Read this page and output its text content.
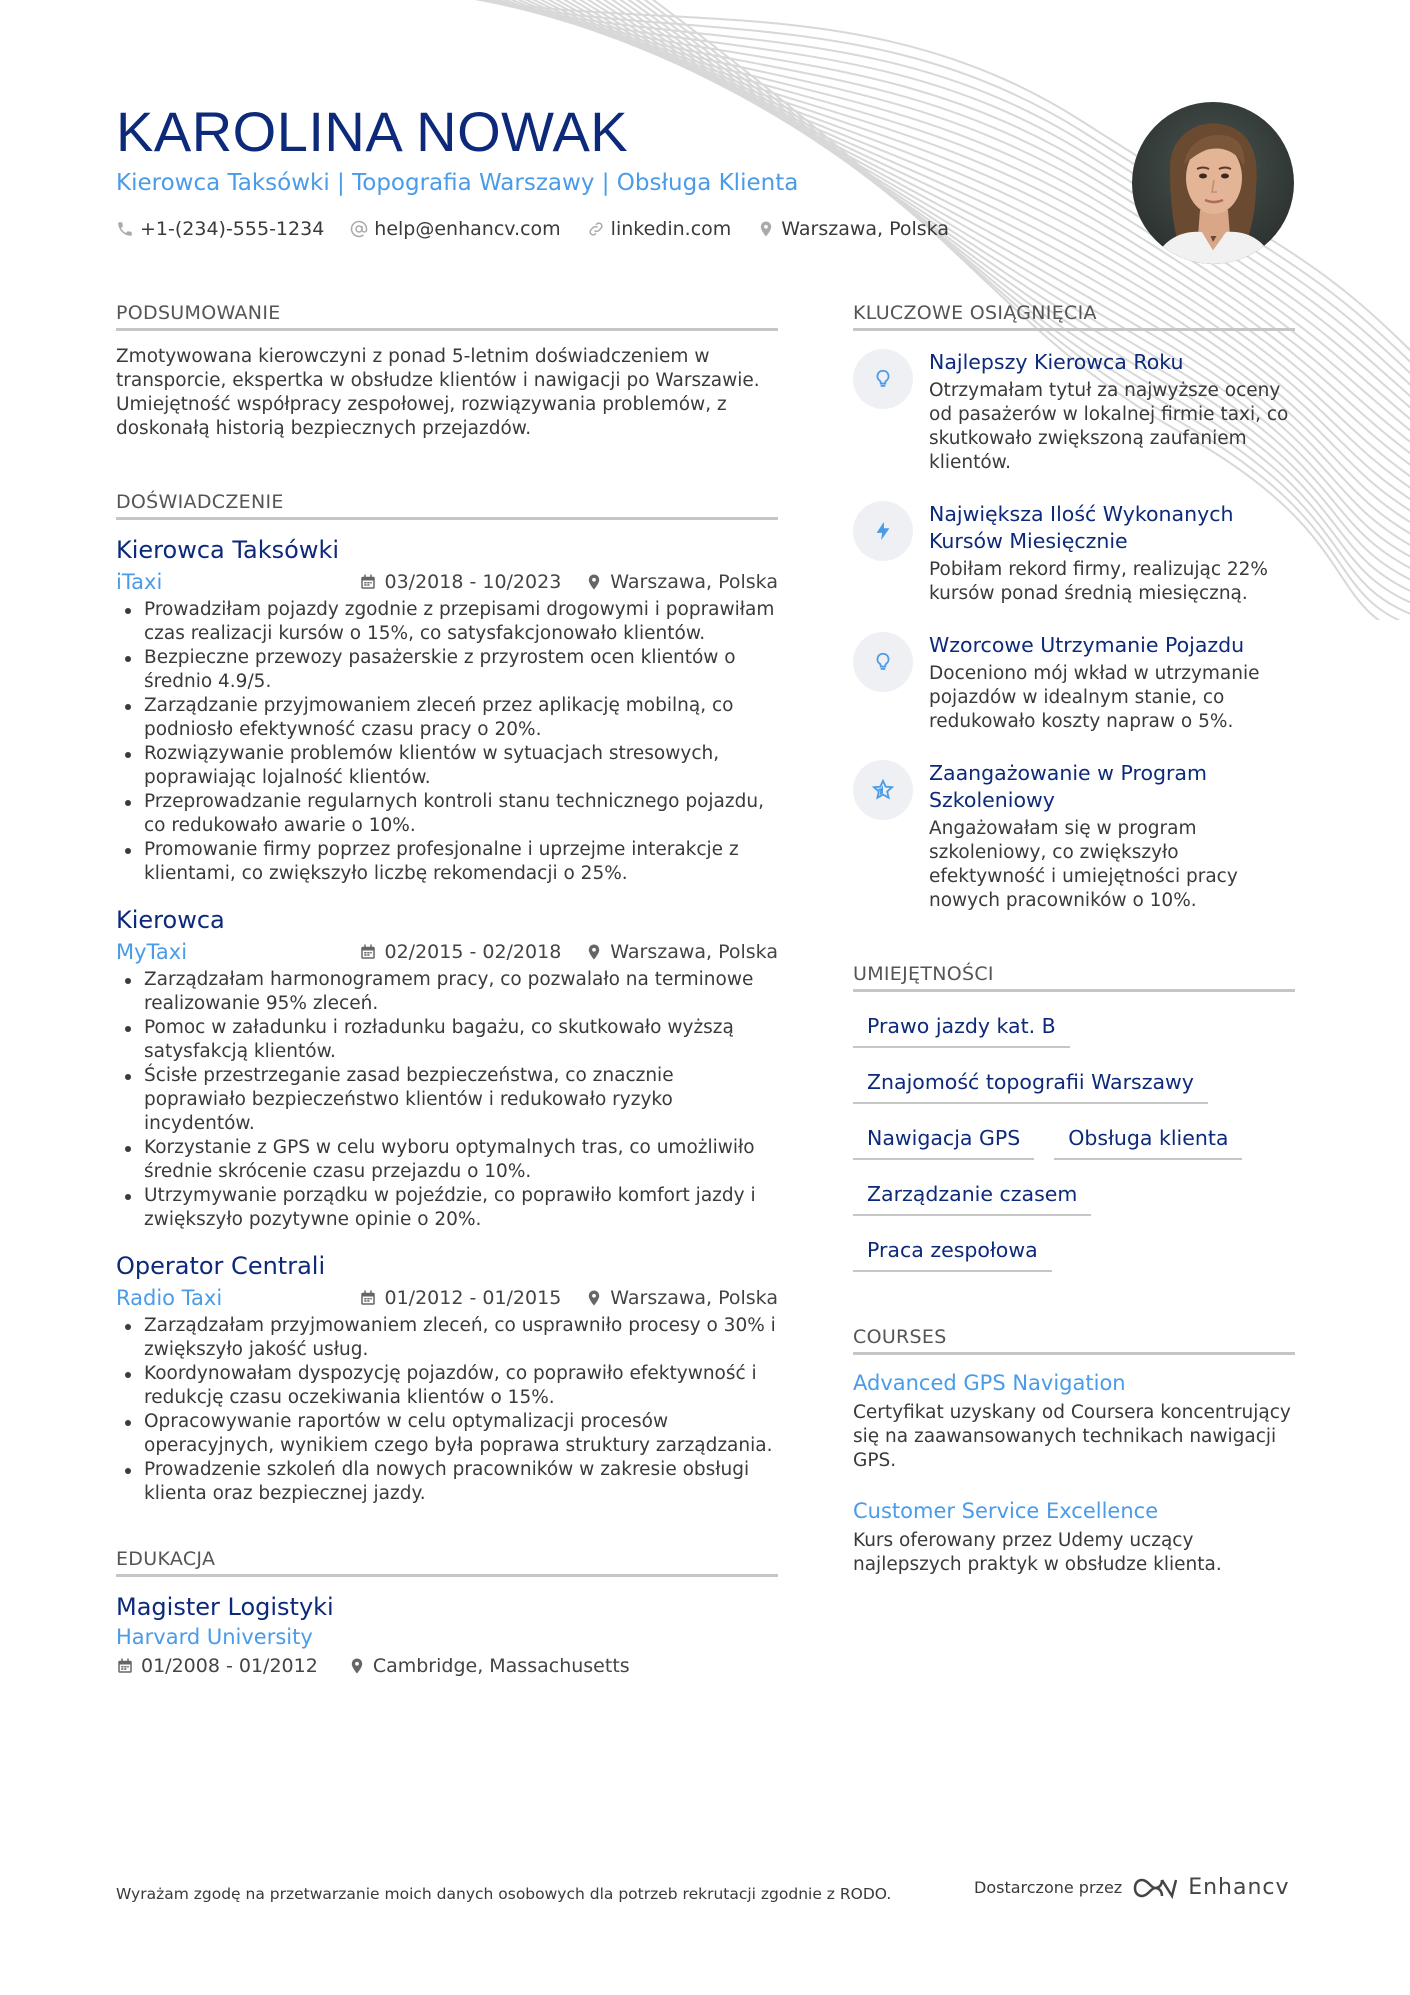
KAROLINA NOWAK
Kierowca Taksówki | Topografia Warszawy | Obsługa Klienta
+1-(234)-555-1234	help@enhancv.com	linkedin.com	Warszawa, Polska
PODSUMOWANIE

Zmotywowana kierowczyni z ponad 5-letnim doświadczeniem w transporcie, ekspertka w obsłudze klientów i nawigacji po Warszawie. Umiejętność współpracy zespołowej, rozwiązywania problemów, z doskonałą historią bezpiecznych przejazdów.

DOŚWIADCZENIE
Kierowca Taksówki
iTaxi	03/2018 - 10/2023	Warszawa, Polska
Prowadziłam pojazdy zgodnie z przepisami drogowymi i poprawiłam czas realizacji kursów o 15%, co satysfakcjonowało klientów.
Bezpieczne przewozy pasażerskie z przyrostem ocen klientów o średnio 4.9/5.
Zarządzanie przyjmowaniem zleceń przez aplikację mobilną, co podniosło efektywność czasu pracy o 20%.
Rozwiązywanie problemów klientów w sytuacjach stresowych, poprawiając lojalność klientów.
Przeprowadzanie regularnych kontroli stanu technicznego pojazdu, co redukowało awarie o 10%.
Promowanie firmy poprzez profesjonalne i uprzejme interakcje z klientami, co zwiększyło liczbę rekomendacji o 25%.
Kierowca
MyTaxi	02/2015 - 02/2018	Warszawa, Polska
Zarządzałam harmonogramem pracy, co pozwalało na terminowe realizowanie 95% zleceń.
Pomoc w załadunku i rozładunku bagażu, co skutkowało wyższą satysfakcją klientów.
Ścisłe przestrzeganie zasad bezpieczeństwa, co znacznie poprawiało bezpieczeństwo klientów i redukowało ryzyko incydentów.
Korzystanie z GPS w celu wyboru optymalnych tras, co umożliwiło średnie skrócenie czasu przejazdu o 10%.
Utrzymywanie porządku w pojeździe, co poprawiło komfort jazdy i zwiększyło pozytywne opinie o 20%.
Operator Centrali
Radio Taxi	01/2012 - 01/2015	Warszawa, Polska
Zarządzałam przyjmowaniem zleceń, co usprawniło procesy o 30% i zwiększyło jakość usług.
Koordynowałam dyspozycję pojazdów, co poprawiło efektywność i redukcję czasu oczekiwania klientów o 15%.
Opracowywanie raportów w celu optymalizacji procesów operacyjnych, wynikiem czego była poprawa struktury zarządzania.
Prowadzenie szkoleń dla nowych pracowników w zakresie obsługi klienta oraz bezpiecznej jazdy.
EDUKACJA
Magister Logistyki
Harvard University
01/2008 - 01/2012	Cambridge, Massachusetts
KLUCZOWE OSIĄGNIĘCIA
Najlepszy Kierowca Roku
Otrzymałam tytuł za najwyższe oceny od pasażerów w lokalnej firmie taxi, co skutkowało zwiększoną zaufaniem klientów.
Największa Ilość Wykonanych Kursów Miesięcznie
Pobiłam rekord firmy, realizując 22% kursów ponad średnią miesięczną.
Wzorcowe Utrzymanie Pojazdu
Doceniono mój wkład w utrzymanie pojazdów w idealnym stanie, co redukowało koszty napraw o 5%.
Zaangażowanie w Program Szkoleniowy
Angażowałam się w program szkoleniowy, co zwiększyło efektywność i umiejętności pracy nowych pracowników o 10%.
UMIEJĘTNOŚCI
Prawo jazdy kat. B
Znajomość topografii Warszawy
Nawigacja GPS	Obsługa klienta
Zarządzanie czasem
Praca zespołowa
COURSES
Advanced GPS Navigation
Certyfikat uzyskany od Coursera koncentrujący się na zaawansowanych technikach nawigacji GPS.
Customer Service Excellence
Kurs oferowany przez Udemy uczący najlepszych praktyk w obsłudze klienta.
Wyrażam zgodę na przetwarzanie moich danych osobowych dla potrzeb rekrutacji zgodnie z RODO.	Dostarczone przez	Enhancv
